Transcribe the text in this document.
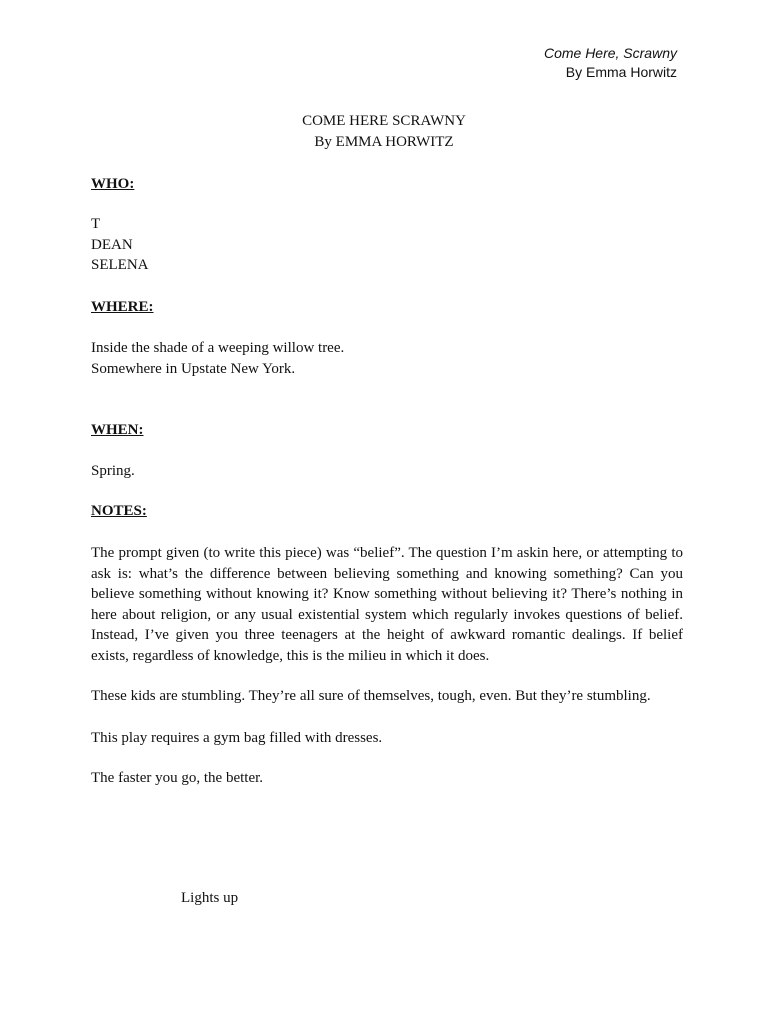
Come Here, Scrawny
By Emma Horwitz
COME HERE SCRAWNY
By EMMA HORWITZ
WHO:
T
DEAN
SELENA
WHERE:
Inside the shade of a weeping willow tree.
Somewhere in Upstate New York.
WHEN:
Spring.
NOTES:
The prompt given (to write this piece) was “belief”. The question I’m askin here, or attempting to ask is: what’s the difference between believing something and knowing something? Can you believe something without knowing it? Know something without believing it? There’s nothing in here about religion, or any usual existential system which regularly invokes questions of belief. Instead, I’ve given you three teenagers at the height of awkward romantic dealings. If belief exists, regardless of knowledge, this is the milieu in which it does.
These kids are stumbling. They’re all sure of themselves, tough, even. But they’re stumbling.
This play requires a gym bag filled with dresses.
The faster you go, the better.
Lights up
